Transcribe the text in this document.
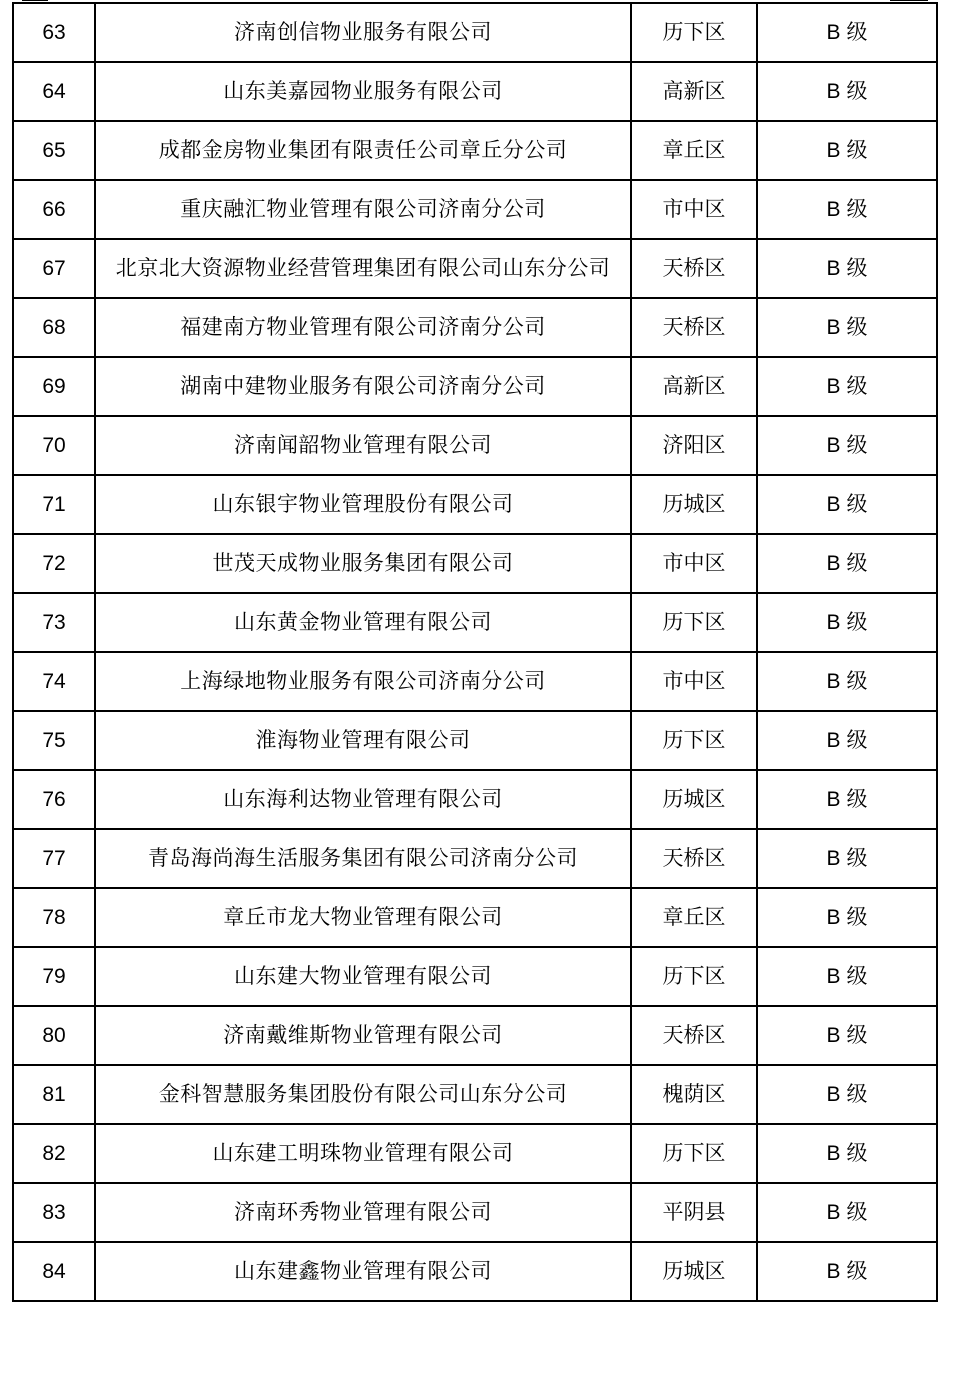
63	济南创信物业服务有限公司	历下区	B 级
64	山东美嘉园物业服务有限公司	高新区	B 级
65	成都金房物业集团有限责任公司章丘分公司	章丘区	B 级
66	重庆融汇物业管理有限公司济南分公司	市中区	B 级
67	北京北大资源物业经营管理集团有限公司山东分公司	天桥区	B 级
68	福建南方物业管理有限公司济南分公司	天桥区	B 级
69	湖南中建物业服务有限公司济南分公司	高新区	B 级
70	济南闻韶物业管理有限公司	济阳区	B 级
71	山东银宇物业管理股份有限公司	历城区	B 级
72	世茂天成物业服务集团有限公司	市中区	B 级
73	山东黄金物业管理有限公司	历下区	B 级
74	上海绿地物业服务有限公司济南分公司	市中区	B 级
75	淮海物业管理有限公司	历下区	B 级
76	山东海利达物业管理有限公司	历城区	B 级
77	青岛海尚海生活服务集团有限公司济南分公司	天桥区	B 级
78	章丘市龙大物业管理有限公司	章丘区	B 级
79	山东建大物业管理有限公司	历下区	B 级
80	济南戴维斯物业管理有限公司	天桥区	B 级
81	金科智慧服务集团股份有限公司山东分公司	槐荫区	B 级
82	山东建工明珠物业管理有限公司	历下区	B 级
83	济南环秀物业管理有限公司	平阴县	B 级
84	山东建鑫物业管理有限公司	历城区	B 级
